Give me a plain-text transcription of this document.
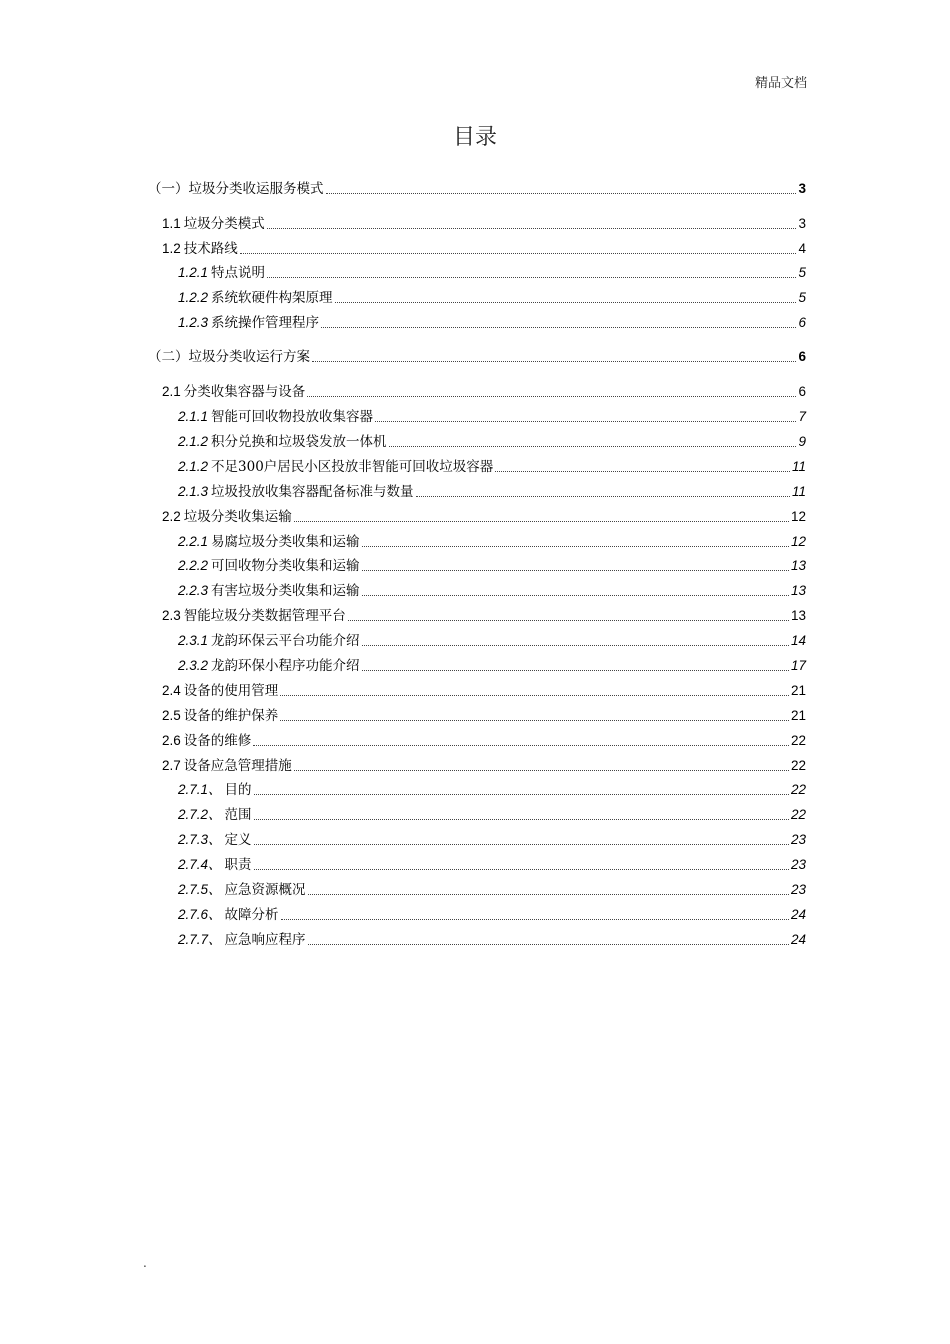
精品文档
目录
（一）垃圾分类收运服务模式	3
1.1 垃圾分类模式	3
1.2 技术路线	4
1.2.1 特点说明	5
1.2.2 系统软硬件构架原理	5
1.2.3 系统操作管理程序	6
（二）垃圾分类收运行方案	6
2.1 分类收集容器与设备	6
2.1.1 智能可回收物投放收集容器	7
2.1.2 积分兑换和垃圾袋发放一体机	9
2.1.2 不足300户居民小区投放非智能可回收垃圾容器	11
2.1.3 垃圾投放收集容器配备标准与数量	11
2.2 垃圾分类收集运输	12
2.2.1 易腐垃圾分类收集和运输	12
2.2.2 可回收物分类收集和运输	13
2.2.3 有害垃圾分类收集和运输	13
2.3 智能垃圾分类数据管理平台	13
2.3.1 龙韵环保云平台功能介绍	14
2.3.2 龙韵环保小程序功能介绍	17
2.4 设备的使用管理	21
2.5 设备的维护保养	21
2.6 设备的维修	22
2.7 设备应急管理措施	22
2.7.1、 目的	22
2.7.2、 范围	22
2.7.3、 定义	23
2.7.4、 职责	23
2.7.5、 应急资源概况	23
2.7.6、 故障分析	24
2.7.7、 应急响应程序	24
.
